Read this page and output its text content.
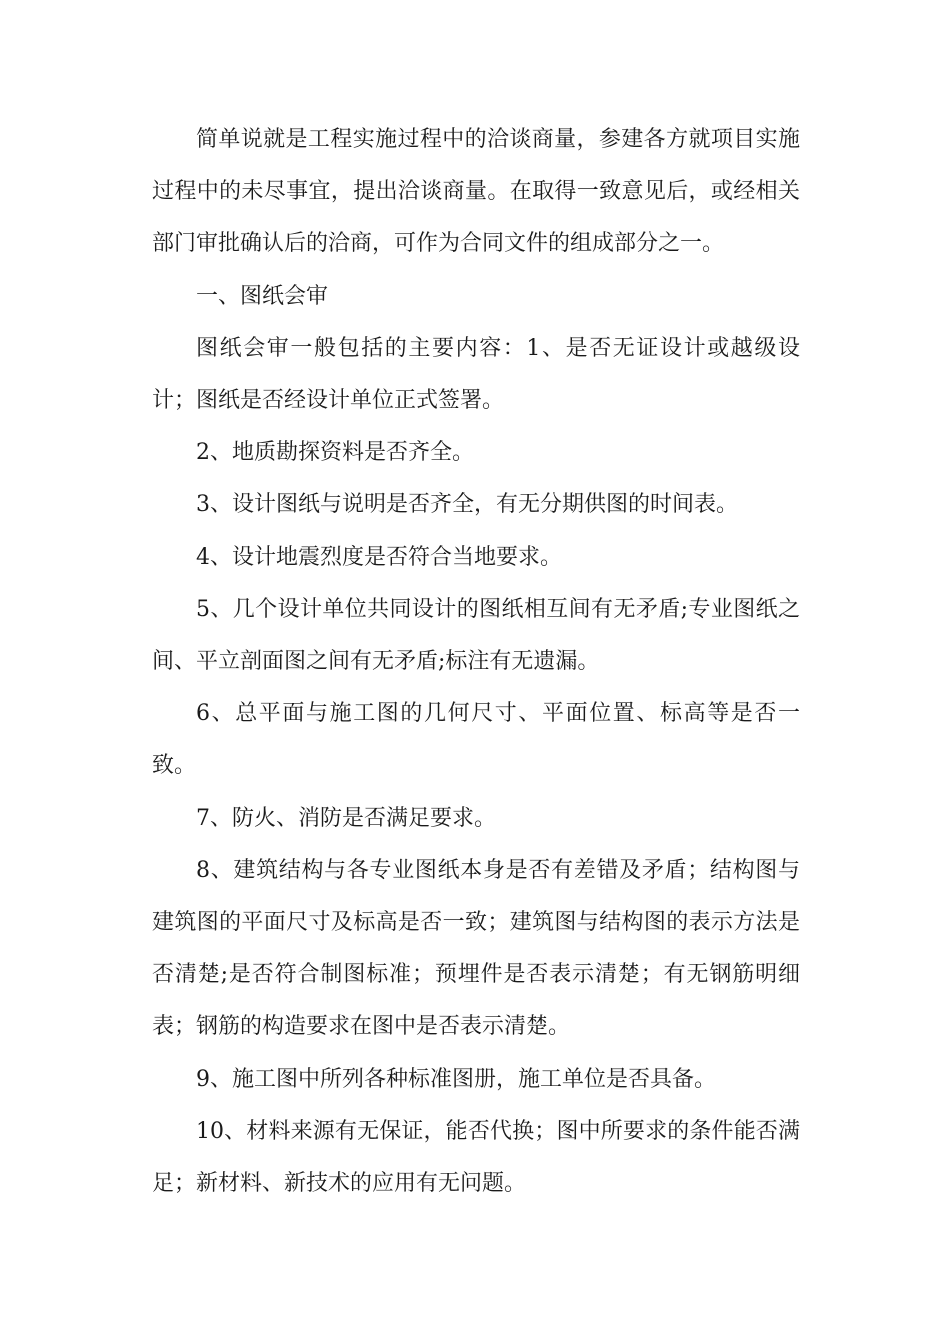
简单说就是工程实施过程中的洽谈商量，参建各方就项目实施过程中的未尽事宜，提出洽谈商量。在取得一致意见后，或经相关部门审批确认后的洽商，可作为合同文件的组成部分之一。

一、图纸会审

图纸会审一般包括的主要内容：1、是否无证设计或越级设计；图纸是否经设计单位正式签署。

2、地质勘探资料是否齐全。

3、设计图纸与说明是否齐全，有无分期供图的时间表。

4、设计地震烈度是否符合当地要求。

5、几个设计单位共同设计的图纸相互间有无矛盾;专业图纸之间、平立剖面图之间有无矛盾;标注有无遗漏。

6、总平面与施工图的几何尺寸、平面位置、标高等是否一致。

7、防火、消防是否满足要求。

8、建筑结构与各专业图纸本身是否有差错及矛盾；结构图与建筑图的平面尺寸及标高是否一致；建筑图与结构图的表示方法是否清楚;是否符合制图标准；预埋件是否表示清楚；有无钢筋明细表；钢筋的构造要求在图中是否表示清楚。

9、施工图中所列各种标准图册，施工单位是否具备。

10、材料来源有无保证，能否代换；图中所要求的条件能否满足；新材料、新技术的应用有无问题。
